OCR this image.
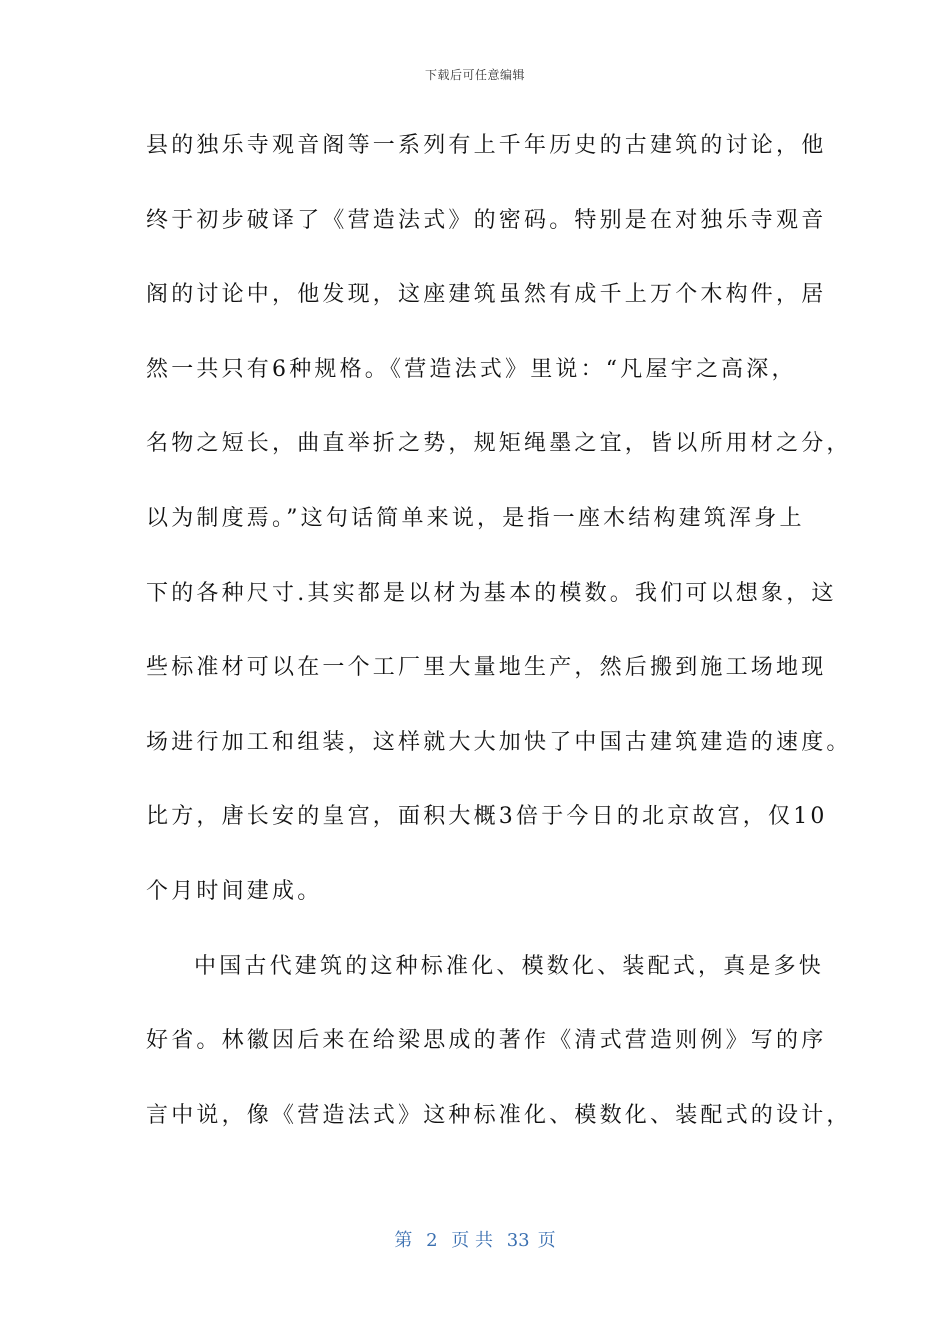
下载后可任意编辑
县的独乐寺观音阁等一系列有上千年历史的古建筑的讨论，他
终于初步破译了《营造法式》的密码。特别是在对独乐寺观音
阁的讨论中，他发现，这座建筑虽然有成千上万个木构件，居
然一共只有6种规格。《营造法式》里说：“凡屋宇之高深，
名物之短长，曲直举折之势，规矩绳墨之宜，皆以所用材之分，
以为制度焉。”这句话简单来说，是指一座木结构建筑浑身上
下的各种尺寸.其实都是以材为基本的模数。我们可以想象，这
些标准材可以在一个工厂里大量地生产，然后搬到施工场地现
场进行加工和组装，这样就大大加快了中国古建筑建造的速度。
比方，唐长安的皇宫，面积大概3倍于今日的北京故宫，仅10
个月时间建成。
中国古代建筑的这种标准化、模数化、装配式，真是多快
好省。林徽因后来在给梁思成的著作《清式营造则例》写的序
言中说，像《营造法式》这种标准化、模数化、装配式的设计，
第 2 页 共 33 页
